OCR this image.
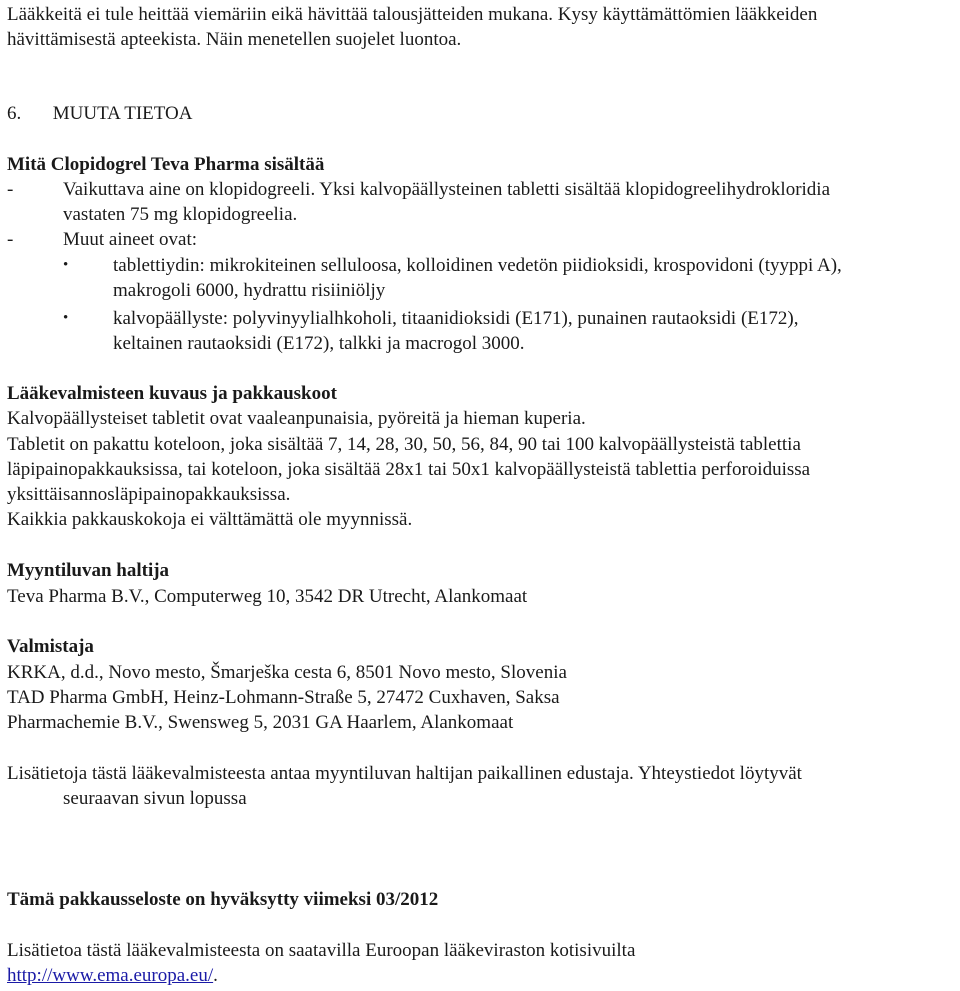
Lääkkeitä ei tule heittää viemäriin eikä hävittää talousjätteiden mukana. Kysy käyttämättömien lääkkeiden
hävittämisestä apteekista. Näin menetellen suojelet luontoa.
6. MUUTA TIETOA
Mitä Clopidogrel Teva Pharma sisältää
-	Vaikuttava aine on klopidogreeli. Yksi kalvopäällysteinen tabletti sisältää klopidogreelihydrokloridia
vastaten 75 mg klopidogreelia.
-	Muut aineet ovat:
• tablettiydin: mikrokiteinen selluloosa, kolloidinen vedetön piidioksidi, krospovidoni (tyyppi A),
makrogoli 6000, hydrattu risiiniöljy
• kalvopäällyste: polyvinyylialhkoholi, titaanidioksidi (E171), punainen rautaoksidi (E172),
keltainen rautaoksidi (E172), talkki ja macrogol 3000.
Lääkevalmisteen kuvaus ja pakkauskoot
Kalvopäällysteiset tabletit ovat vaaleanpunaisia, pyöreitä ja hieman kuperia.
Tabletit on pakattu koteloon, joka sisältää 7, 14, 28, 30, 50, 56, 84, 90 tai 100 kalvopäällysteistä tablettia
läpipainopakkauksissa, tai koteloon, joka sisältää 28x1 tai 50x1 kalvopäällysteistä tablettia perforoiduissa
yksittäisannosläpipainopakkauksissa.
Kaikkia pakkauskokoja ei välttämättä ole myynnissä.
Myyntiluvan haltija
Teva Pharma B.V., Computerweg 10, 3542 DR Utrecht, Alankomaat
Valmistaja
KRKA, d.d., Novo mesto, Šmarješka cesta 6, 8501 Novo mesto, Slovenia
TAD Pharma GmbH, Heinz-Lohmann-Straße 5, 27472 Cuxhaven, Saksa
Pharmachemie B.V., Swensweg 5, 2031 GA Haarlem, Alankomaat
Lisätietoja tästä lääkevalmisteesta antaa myyntiluvan haltijan paikallinen edustaja. Yhteystiedot löytyvät
seuraavan sivun lopussa
Tämä pakkausseloste on hyväksytty viimeksi 03/2012
Lisätietoa tästä lääkevalmisteesta on saatavilla Euroopan lääkeviraston kotisivuilta
http://www.ema.europa.eu/.
